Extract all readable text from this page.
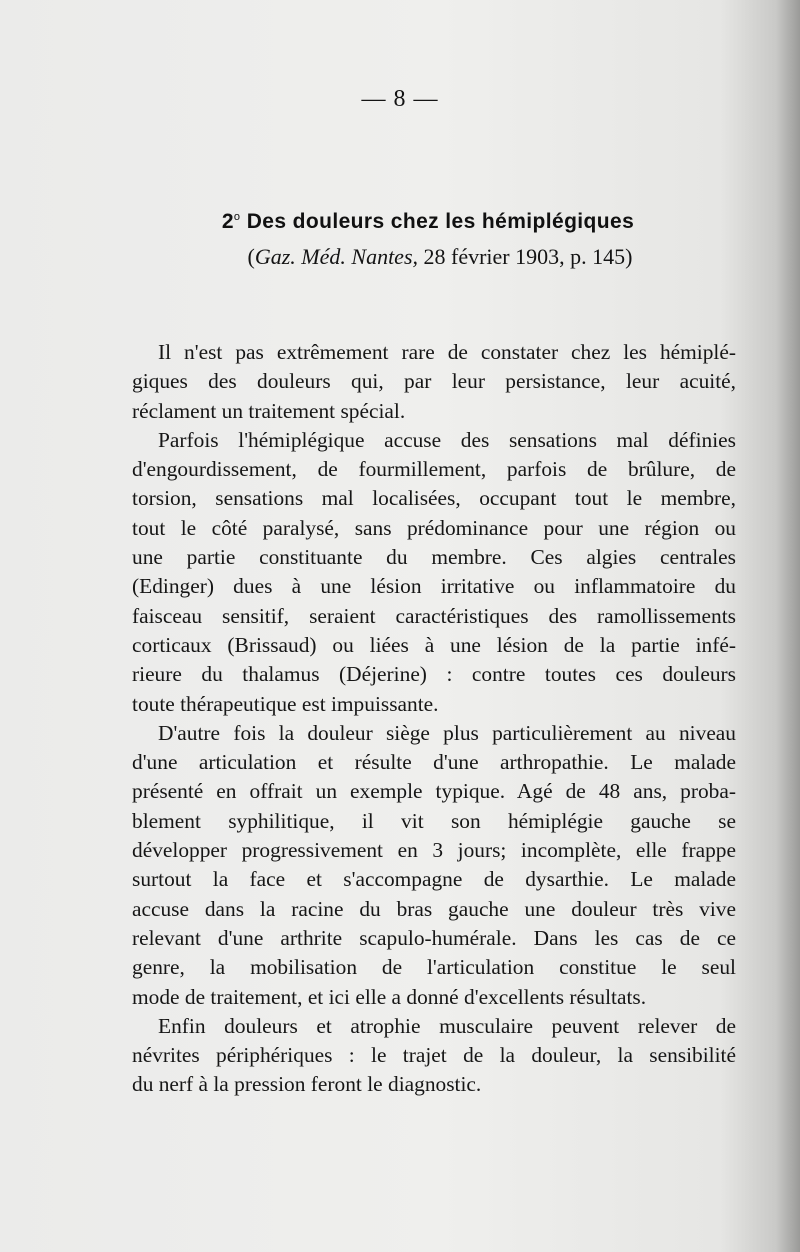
— 8 —
2$^o$ Des douleurs chez les hémiplégiques
(Gaz. Méd. Nantes, 28 février 1903, p. 145)
Il n'est pas extrêmement rare de constater chez les hémiplé-
giques des douleurs qui, par leur persistance, leur acuité,
réclament un traitement spécial.
Parfois l'hémiplégique accuse des sensations mal définies
d'engourdissement, de fourmillement, parfois de brûlure, de
torsion, sensations mal localisées, occupant tout le membre,
tout le côté paralysé, sans prédominance pour une région ou
une partie constituante du membre. Ces algies centrales
(Edinger) dues à une lésion irritative ou inflammatoire du
faisceau sensitif, seraient caractéristiques des ramollissements
corticaux (Brissaud) ou liées à une lésion de la partie infé-
rieure du thalamus (Déjerine) : contre toutes ces douleurs
toute thérapeutique est impuissante.
D'autre fois la douleur siège plus particulièrement au niveau
d'une articulation et résulte d'une arthropathie. Le malade
présenté en offrait un exemple typique. Agé de 48 ans, proba-
blement syphilitique, il vit son hémiplégie gauche se
développer progressivement en 3 jours; incomplète, elle frappe
surtout la face et s'accompagne de dysarthie. Le malade
accuse dans la racine du bras gauche une douleur très vive
relevant d'une arthrite scapulo-humérale. Dans les cas de ce
genre, la mobilisation de l'articulation constitue le seul
mode de traitement, et ici elle a donné d'excellents résultats.
Enfin douleurs et atrophie musculaire peuvent relever de
névrites périphériques : le trajet de la douleur, la sensibilité
du nerf à la pression feront le diagnostic.
